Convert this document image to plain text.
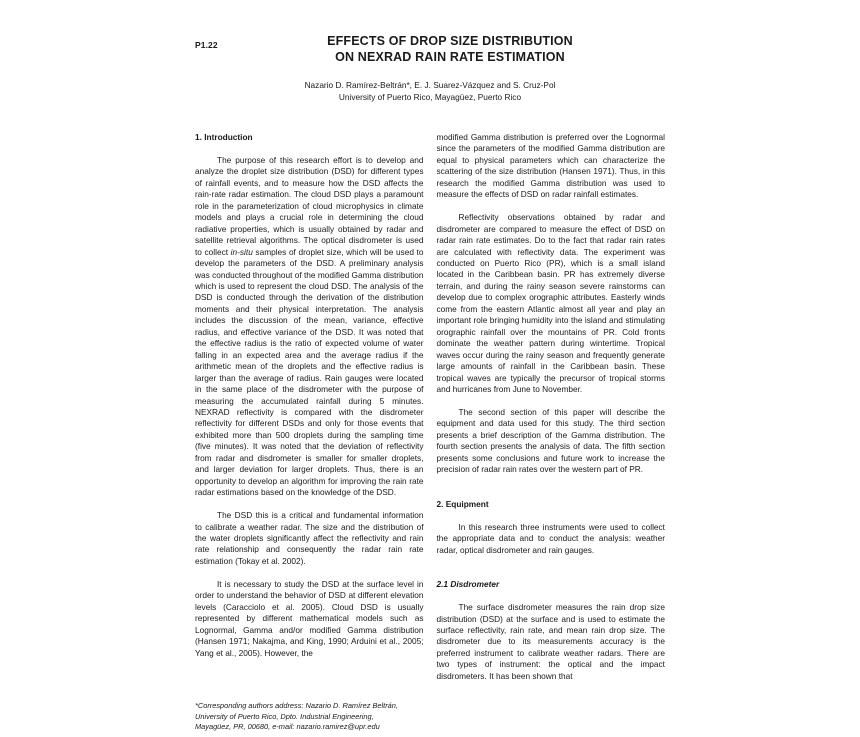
P1.22	EFFECTS OF DROP SIZE DISTRIBUTION
ON NEXRAD RAIN RATE ESTIMATION
Nazario D. Ramírez-Beltrán*, E. J. Suarez-Vázquez and S. Cruz-Pol
University of Puerto Rico, Mayagüez, Puerto Rico
1. Introduction

The purpose of this research effort is to develop and analyze the droplet size distribution (DSD) for different types of rainfall events, and to measure how the DSD affects the rain-rate radar estimation. The cloud DSD plays a paramount role in the parameterization of cloud microphysics in climate models and plays a crucial role in determining the cloud radiative properties, which is usually obtained by radar and satellite retrieval algorithms. The optical disdrometer is used to collect in-situ samples of droplet size, which will be used to develop the parameters of the DSD. A preliminary analysis was conducted throughout of the modified Gamma distribution which is used to represent the cloud DSD. The analysis of the DSD is conducted through the derivation of the distribution moments and their physical interpretation. The analysis includes the discussion of the mean, variance, effective radius, and effective variance of the DSD. It was noted that the effective radius is the ratio of expected volume of water falling in an expected area and the average radius if the arithmetic mean of the droplets and the effective radius is larger than the average of radius. Rain gauges were located in the same place of the disdrometer with the purpose of measuring the accumulated rainfall during 5 minutes. NEXRAD reflectivity is compared with the disdrometer reflectivity for different DSDs and only for those events that exhibited more than 500 droplets during the sampling time (five minutes). It was noted that the deviation of reflectivity from radar and disdrometer is smaller for smaller droplets, and larger deviation for larger droplets. Thus, there is an opportunity to develop an algorithm for improving the rain rate radar estimations based on the knowledge of the DSD.

The DSD this is a critical and fundamental information to calibrate a weather radar. The size and the distribution of the water droplets significantly affect the reflectivity and rain rate relationship and consequently the radar rain rate estimation (Tokay et al. 2002).

It is necessary to study the DSD at the surface level in order to understand the behavior of DSD at different elevation levels (Caracciolo et al. 2005). Cloud DSD is usually represented by different mathematical models such as Lognormal, Gamma and/or modified Gamma distribution (Hansen 1971; Nakajma, and King, 1990; Arduini et al., 2005; Yang et al., 2005). However, the

*Corresponding authors address: Nazario D. Ramírez Beltrán,

University of Puerto Rico, Dpto. Industrial Engineering,

Mayagüez, PR, 00680, e-mail: nazario.ramirez@upr.edu

modified Gamma distribution is preferred over the Lognormal since the parameters of the modified Gamma distribution are equal to physical parameters which can characterize the scattering of the size distribution (Hansen 1971). Thus, in this research the modified Gamma distribution was used to measure the effects of DSD on radar rainfall estimates.

Reflectivity observations obtained by radar and disdrometer are compared to measure the effect of DSD on radar rain rate estimates. Do to the fact that radar rain rates are calculated with reflectivity data. The experiment was conducted on Puerto Rico (PR), which is a small island located in the Caribbean basin. PR has extremely diverse terrain, and during the rainy season severe rainstorms can develop due to complex orographic attributes. Easterly winds come from the eastern Atlantic almost all year and play an important role bringing humidity into the island and stimulating orographic rainfall over the mountains of PR. Cold fronts dominate the weather pattern during wintertime. Tropical waves occur during the rainy season and frequently generate large amounts of rainfall in the Caribbean basin. These tropical waves are typically the precursor of tropical storms and hurricanes from June to November.

The second section of this paper will describe the equipment and data used for this study. The third section presents a brief description of the Gamma distribution. The fourth section presents the analysis of data. The fifth section presents some conclusions and future work to increase the precision of radar rain rates over the western part of PR.

2. Equipment

In this research three instruments were used to collect the appropriate data and to conduct the analysis: weather radar, optical disdrometer and rain gauges.

2.1 Disdrometer

The surface disdrometer measures the rain drop size distribution (DSD) at the surface and is used to estimate the surface reflectivity, rain rate, and mean rain drop size. The disdrometer due to its measurements accuracy is the preferred instrument to calibrate weather radars. There are two types of instrument: the optical and the impact disdrometers. It has been shown that
